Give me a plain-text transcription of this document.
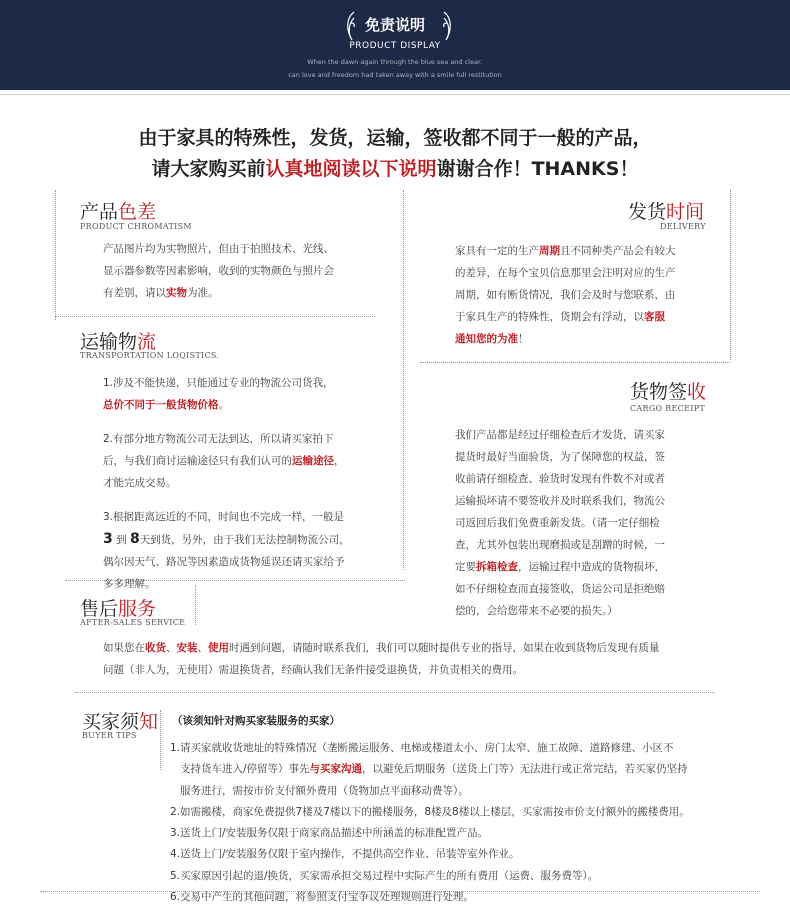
免责说明
PRODUCT DISPLAY
When the dawn again through the blue sea and clear,
can love and freedom had taken away with a smile full restitution
由于家具的特殊性，发货，运输，签收都不同于一般的产品，
请大家购买前认真地阅读以下说明谢谢合作！THANKS！
产品色差
PRODUCT CHROMATISM
产品图片均为实物照片，但由于拍照技术、光线、
显示器参数等因素影响，收到的实物颜色与照片会
有差别，请以实物为准。
发货时间
DELIVERY
家具有一定的生产周期且不同种类产品会有较大
的差异，在每个宝贝信息那里会注明对应的生产
周期，如有断货情况，我们会及时与您联系，由
于家具生产的特殊性，货期会有浮动，以客服
通知您的为准！
运输物流
TRANSPORTATION LOQISTICS.
1.涉及不能快递，只能通过专业的物流公司货我，
总价不同于一般货物价格。
2.有部分地方物流公司无法到达，所以请买家拍下
后，与我们商讨运输途径只有我们认可的运输途径，
才能完成交易。
3.根据距离远近的不同，时间也不完成一样，一般是
3 到 8天到货，另外，由于我们无法控制物流公司，
偶尔因天气、路况等因素造成货物延误还请买家给予
多多理解。
货物签收
CARGO RECEIPT
我们产品都是经过仔细检查后才发货，请买家
提货时最好当面验货，为了保障您的权益，签
收前请仔细检查、验货时发现有件数不对或者
运输损坏请不要签收并及时联系我们，物流公
司返回后我们免费重新发货。（请一定仔细检
查，尤其外包装出现磨损或是刮蹭的时候，一
定要拆箱检查，运输过程中造成的货物损坏，
如不仔细检查而直接签收，货运公司是拒绝赔
偿的，会给您带来不必要的损失。）
售后服务
AFTER-SALES SERVICE
如果您在收货、安装、使用时遇到问题，请随时联系我们，我们可以随时提供专业的指导，如果在收到货物后发现有质量
问题（非人为，无使用）需退换货者，经确认我们无条件接受退换货，并负责相关的费用。
买家须知 （该须知针对购买家装服务的买家）
BUYER TIPS
1.请买家就收货地址的特殊情况（垄断搬运服务、电梯或楼道太小、房门太窄、施工故障、道路修建、小区不
支持货车进入/停留等）事先与买家沟通，以避免后期服务（送货上门等）无法进行或正常完结，若买家仍坚持
服务进行，需按市价支付额外费用（货物加点平面移动费等）。
2.如需搬楼，商家免费提供7楼及7楼以下的搬楼服务，8楼及8楼以上楼层，买家需按市价支付额外的搬楼费用。
3.送货上门/安装服务仅限于商家商品描述中所涵盖的标准配置产品。
4.送货上门/安装服务仅限于室内操作，不提供高空作业、吊装等室外作业。
5.买家原因引起的退/换货，买家需承担交易过程中实际产生的所有费用（运费、服务费等）。
6.交易中产生的其他问题，将参照支付宝争议处理规则进行处理。
